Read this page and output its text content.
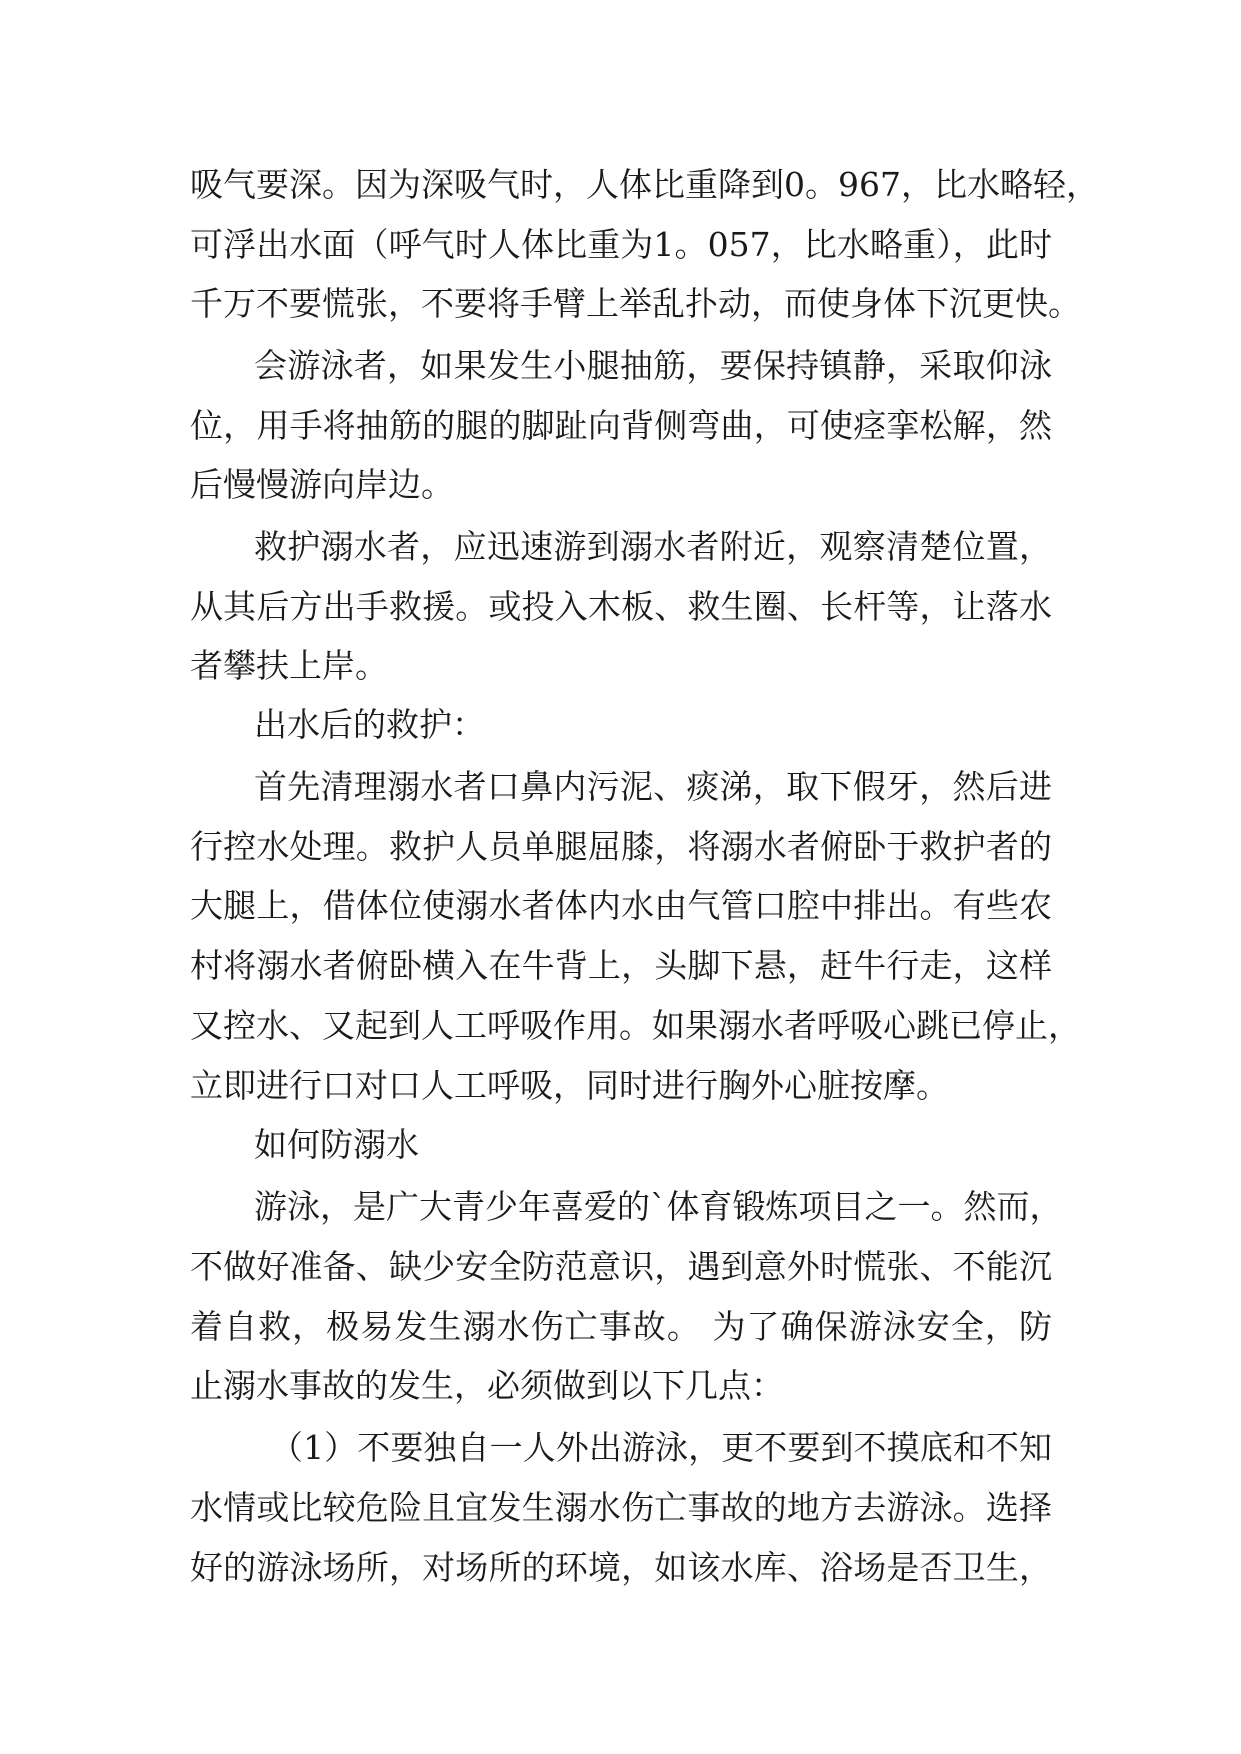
吸气要深。因为深吸气时，人体比重降到0。967，比水略轻，
可浮出水面（呼气时人体比重为1。057，比水略重），此时
千万不要慌张，不要将手臂上举乱扑动，而使身体下沉更快。
会游泳者，如果发生小腿抽筋，要保持镇静，采取仰泳
位，用手将抽筋的腿的脚趾向背侧弯曲，可使痉挛松解，然
后慢慢游向岸边。
救护溺水者，应迅速游到溺水者附近，观察清楚位置，
从其后方出手救援。或投入木板、救生圈、长杆等，让落水
者攀扶上岸。
出水后的救护：
首先清理溺水者口鼻内污泥、痰涕，取下假牙，然后进
行控水处理。救护人员单腿屈膝，将溺水者俯卧于救护者的
大腿上，借体位使溺水者体内水由气管口腔中排出。有些农
村将溺水者俯卧横入在牛背上，头脚下悬，赶牛行走，这样
又控水、又起到人工呼吸作用。如果溺水者呼吸心跳已停止，
立即进行口对口人工呼吸，同时进行胸外心脏按摩。
如何防溺水
游泳，是广大青少年喜爱的`体育锻炼项目之一。然而，
不做好准备、缺少安全防范意识，遇到意外时慌张、不能沉
着自救，极易发生溺水伤亡事故。 为了确保游泳安全，防
止溺水事故的发生，必须做到以下几点：
（1）不要独自一人外出游泳，更不要到不摸底和不知
水情或比较危险且宜发生溺水伤亡事故的地方去游泳。选择
好的游泳场所，对场所的环境，如该水库、浴场是否卫生，
